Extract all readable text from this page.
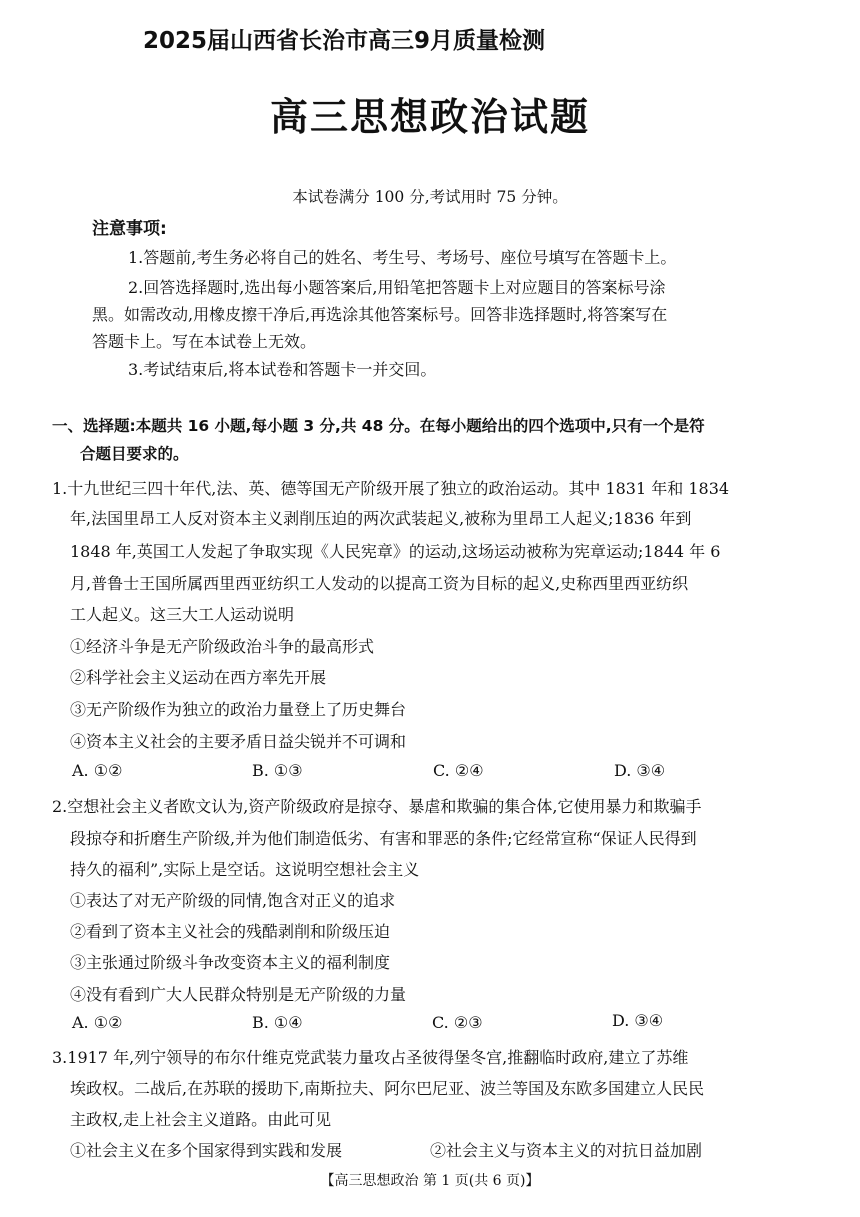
2025届山西省长治市高三9月质量检测
高三思想政治试题
本试卷满分 100 分,考试用时 75 分钟。
注意事项:
1.答题前,考生务必将自己的姓名、考生号、考场号、座位号填写在答题卡上。
2.回答选择题时,选出每小题答案后,用铅笔把答题卡上对应题目的答案标号涂
黑。如需改动,用橡皮擦干净后,再选涂其他答案标号。回答非选择题时,将答案写在
答题卡上。写在本试卷上无效。
3.考试结束后,将本试卷和答题卡一并交回。
一、选择题:本题共 16 小题,每小题 3 分,共 48 分。在每小题给出的四个选项中,只有一个是符
合题目要求的。
1.十九世纪三四十年代,法、英、德等国无产阶级开展了独立的政治运动。其中 1831 年和 1834
年,法国里昂工人反对资本主义剥削压迫的两次武装起义,被称为里昂工人起义;1836 年到
1848 年,英国工人发起了争取实现《人民宪章》的运动,这场运动被称为宪章运动;1844 年 6
月,普鲁士王国所属西里西亚纺织工人发动的以提高工资为目标的起义,史称西里西亚纺织
工人起义。这三大工人运动说明
①经济斗争是无产阶级政治斗争的最高形式
②科学社会主义运动在西方率先开展
③无产阶级作为独立的政治力量登上了历史舞台
④资本主义社会的主要矛盾日益尖锐并不可调和
A. ①②	B. ①③	C. ②④	D. ③④
2.空想社会主义者欧文认为,资产阶级政府是掠夺、暴虐和欺骗的集合体,它使用暴力和欺骗手
段掠夺和折磨生产阶级,并为他们制造低劣、有害和罪恶的条件;它经常宣称“保证人民得到
持久的福利”,实际上是空话。这说明空想社会主义
①表达了对无产阶级的同情,饱含对正义的追求
②看到了资本主义社会的残酷剥削和阶级压迫
③主张通过阶级斗争改变资本主义的福利制度
④没有看到广大人民群众特别是无产阶级的力量
A. ①②	B. ①④	C. ②③	D. ③④
3.1917 年,列宁领导的布尔什维克党武装力量攻占圣彼得堡冬宫,推翻临时政府,建立了苏维
埃政权。二战后,在苏联的援助下,南斯拉夫、阿尔巴尼亚、波兰等国及东欧多国建立人民民
主政权,走上社会主义道路。由此可见
①社会主义在多个国家得到实践和发展	②社会主义与资本主义的对抗日益加剧
【高三思想政治 第 1 页(共 6 页)】
